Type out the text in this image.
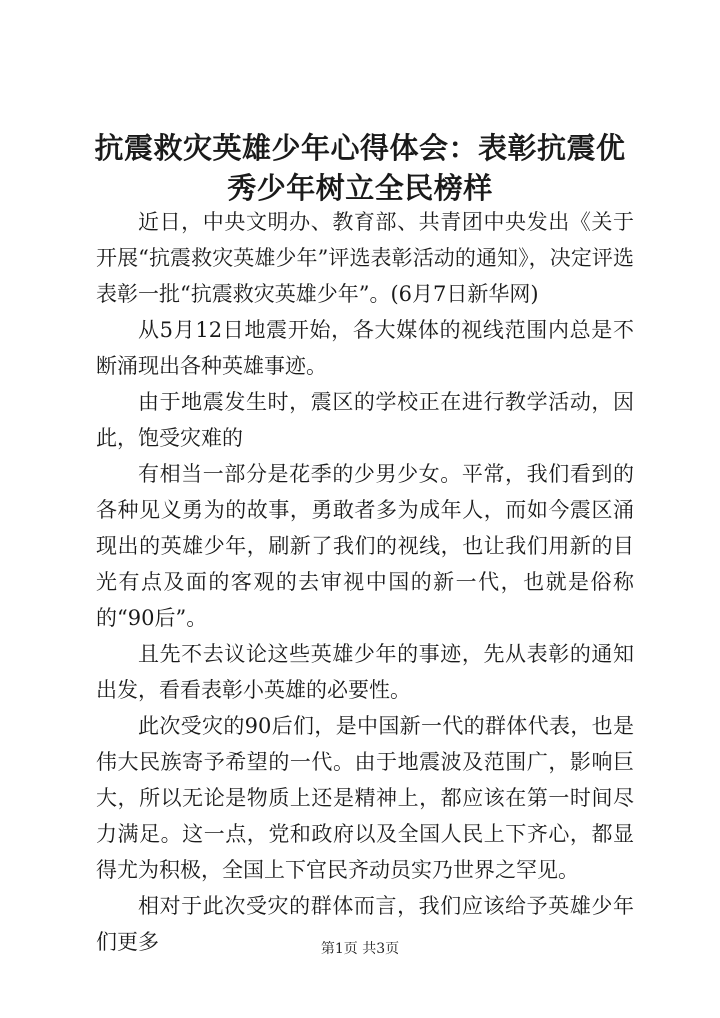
抗震救灾英雄少年心得体会：表彰抗震优秀少年树立全民榜样

近日，中央文明办、教育部、共青团中央发出《关于开展“抗震救灾英雄少年”评选表彰活动的通知》，决定评选表彰一批“抗震救灾英雄少年”。(6月7日新华网)

从5月12日地震开始，各大媒体的视线范围内总是不断涌现出各种英雄事迹。

由于地震发生时，震区的学校正在进行教学活动，因此，饱受灾难的

有相当一部分是花季的少男少女。平常，我们看到的各种见义勇为的故事，勇敢者多为成年人，而如今震区涌现出的英雄少年，刷新了我们的视线，也让我们用新的目光有点及面的客观的去审视中国的新一代，也就是俗称的“90后”。

且先不去议论这些英雄少年的事迹，先从表彰的通知出发，看看表彰小英雄的必要性。

此次受灾的90后们，是中国新一代的群体代表，也是伟大民族寄予希望的一代。由于地震波及范围广，影响巨大，所以无论是物质上还是精神上，都应该在第一时间尽力满足。这一点，党和政府以及全国人民上下齐心，都显得尤为积极，全国上下官民齐动员实乃世界之罕见。

相对于此次受灾的群体而言，我们应该给予英雄少年们更多	第1页 共3页
